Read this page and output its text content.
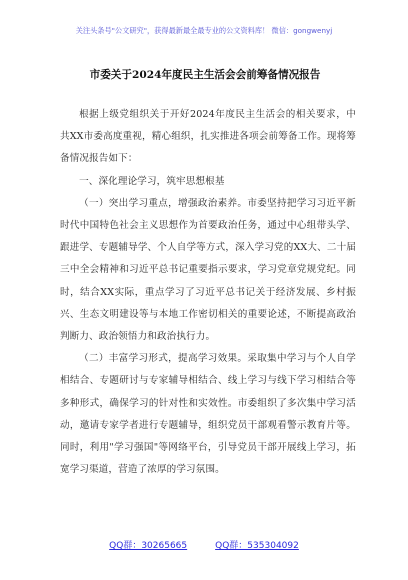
关注头条号"公文研究"，获得最新最全最专业的公文资料库！ 微信：gongwenyj
市委关于2024年度民主生活会会前筹备情况报告

根据上级党组织关于开好2024年度民主生活会的相关要求，中共XX市委高度重视，精心组织，扎实推进各项会前筹备工作。现将筹备情况报告如下：

一、深化理论学习，筑牢思想根基

（一）突出学习重点，增强政治素养。市委坚持把学习习近平新时代中国特色社会主义思想作为首要政治任务，通过中心组带头学、跟进学、专题辅导学、个人自学等方式，深入学习党的XX大、二十届三中全会精神和习近平总书记重要指示要求，学习党章党规党纪。同时，结合XX实际，重点学习了习近平总书记关于经济发展、乡村振兴、生态文明建设等与本地工作密切相关的重要论述，不断提高政治判断力、政治领悟力和政治执行力。

（二）丰富学习形式，提高学习效果。采取集中学习与个人自学相结合、专题研讨与专家辅导相结合、线上学习与线下学习相结合等多种形式，确保学习的针对性和实效性。市委组织了多次集中学习活动，邀请专家学者进行专题辅导，组织党员干部观看警示教育片等。同时，利用"学习强国"等网络平台，引导党员干部开展线上学习，拓宽学习渠道，营造了浓厚的学习氛围。

QQ群：30265665	QQ群：535304092
